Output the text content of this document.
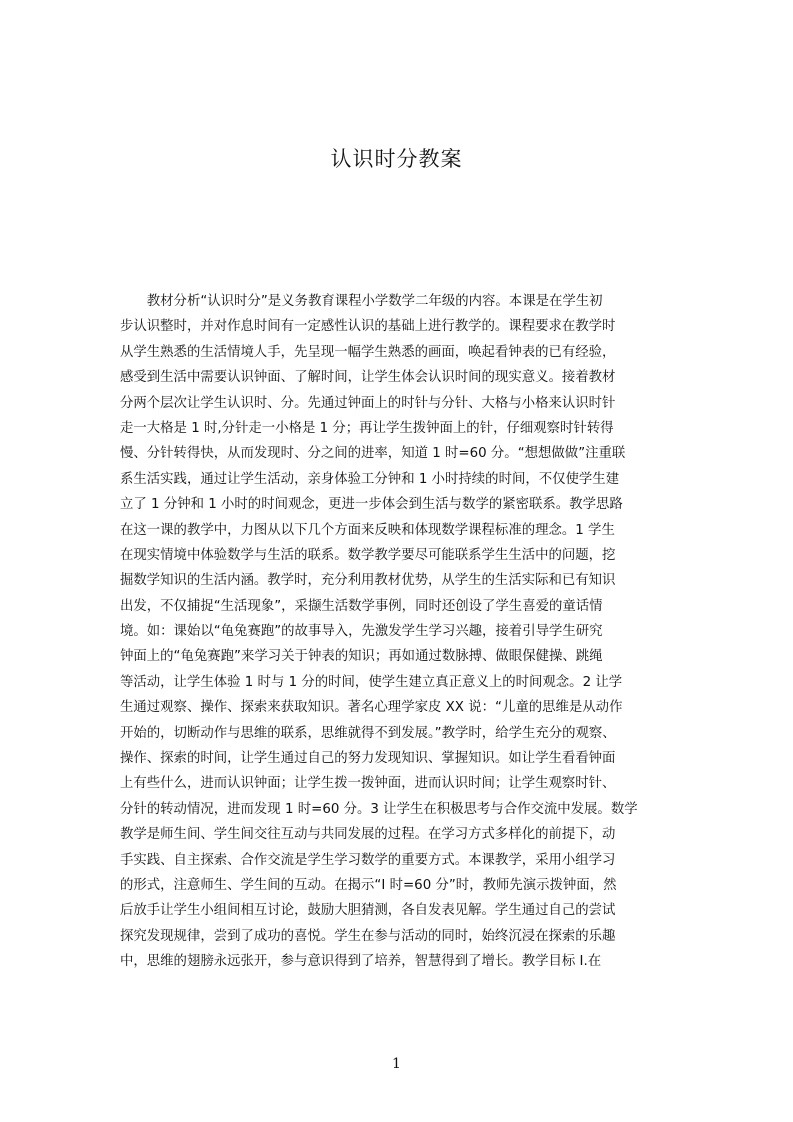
认识时分教案
　　教材分析“认识时分”是义务教育课程小学数学二年级的内容。本课是在学生初
步认识整时，并对作息时间有一定感性认识的基础上进行教学的。课程要求在教学时
从学生熟悉的生活情境人手，先呈现一幅学生熟悉的画面，唤起看钟表的已有经验，
感受到生活中需要认识钟面、了解时间，让学生体会认识时间的现实意义。接着教材
分两个层次让学生认识时、分。先通过钟面上的时针与分针、大格与小格来认识时针
走一大格是 1 时,分针走一小格是 1 分；再让学生拨钟面上的针，仔细观察时针转得
慢、分针转得快，从而发现时、分之间的进率，知道 1 时=60 分。“想想做做”注重联
系生活实践，通过让学生活动，亲身体验工分钟和 1 小时持续的时间，不仅使学生建
立了 1 分钟和 1 小时的时间观念，更进一步体会到生活与数学的紧密联系。教学思路
在这一课的教学中，力图从以下几个方面来反映和体现数学课程标准的理念。1 学生
在现实情境中体验数学与生活的联系。数学教学要尽可能联系学生生活中的问题，挖
掘数学知识的生活内涵。教学时，充分利用教材优势，从学生的生活实际和已有知识
出发，不仅捕捉“生活现象”，采撷生活数学事例，同时还创设了学生喜爱的童话情
境。如：课始以“龟兔赛跑”的故事导入，先激发学生学习兴趣，接着引导学生研究
钟面上的“龟兔赛跑”来学习关于钟表的知识；再如通过数脉搏、做眼保健操、跳绳
等活动，让学生体验 1 时与 1 分的时间，使学生建立真正意义上的时间观念。2 让学
生通过观察、操作、探索来获取知识。著名心理学家皮 XX 说：“儿童的思维是从动作
开始的，切断动作与思维的联系，思维就得不到发展。”教学时，给学生充分的观察、
操作、探索的时间，让学生通过自己的努力发现知识、掌握知识。如让学生看看钟面
上有些什么，进而认识钟面；让学生拨一拨钟面，进而认识时间；让学生观察时针、
分针的转动情况，进而发现 1 时=60 分。3 让学生在积极思考与合作交流中发展。数学
教学是师生间、学生间交往互动与共同发展的过程。在学习方式多样化的前提下，动
手实践、自主探索、合作交流是学生学习数学的重要方式。本课教学，采用小组学习
的形式，注意师生、学生间的互动。在揭示“I 时=60 分”时，教师先演示拨钟面，然
后放手让学生小组间相互讨论，鼓励大胆猜测，各自发表见解。学生通过自己的尝试
探究发现规律，尝到了成功的喜悦。学生在参与活动的同时，始终沉浸在探索的乐趣
中，思维的翅膀永远张开，参与意识得到了培养，智慧得到了增长。教学目标 I.在
1
